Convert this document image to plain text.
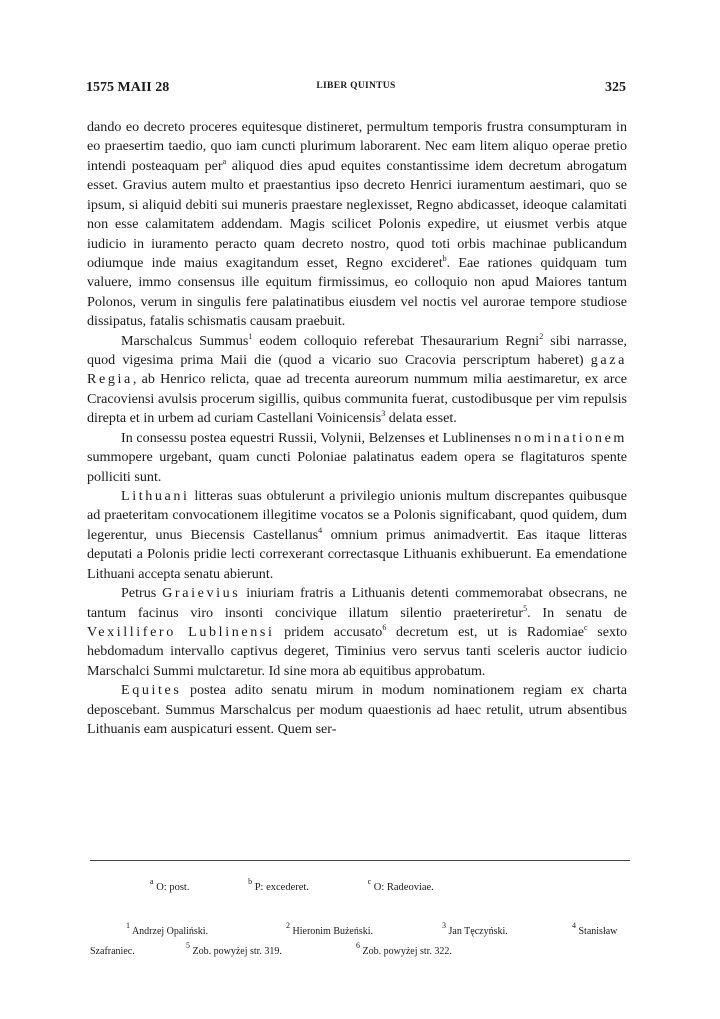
1575 MAII 28	LIBER QUINTUS	325

dando eo decreto proceres equitesque distineret, permultum temporis frustra consumpturam in eo praesertim taedio, quo iam cuncti plurimum laborarent. Nec eam litem aliquo operae pretio intendi posteaquam per$^a$ aliquod dies apud equites constantissime idem decretum abrogatum esset. Gravius autem multo et praestantius ipso decreto Henrici iuramentum aestimari, quo se ipsum, si aliquid debiti sui muneris praestare neglexisset, Regno abdicasset, ideoque calamitati non esse calamitatem addendam. Magis scilicet Polonis expedire, ut eiusmet verbis atque iudicio in iuramento peracto quam decreto nostro, quod toti orbis machinae publicandum odiumque inde maius exagitandum esset, Regno excideret$^b$. Eae rationes quidquam tum valuere, immo consensus ille equitum firmissimus, eo colloquio non apud Maiores tantum Polonos, verum in singulis fere palatinatibus eiusdem vel noctis vel aurorae tempore studiose dissipatus, fatalis schismatis causam praebuit.

Marschalcus Summus$^1$ eodem colloquio referebat Thesaurarium Regni$^2$ sibi narrasse, quod vigesima prima Maii die (quod a vicario suo Cracovia perscriptum haberet) gaza Regia, ab Henrico relicta, quae ad trecenta aureorum nummum milia aestimaretur, ex arce Cracoviensi avulsis procerum sigillis, quibus communita fuerat, custodibusque per vim repulsis direpta et in urbem ad curiam Castellani Voinicensis$^3$ delata esset.

In consessu postea equestri Russii, Volynii, Belzenses et Lublinenses nominationem summopere urgebant, quam cuncti Poloniae palatinatus eadem opera se flagitaturos spente polliciti sunt.

Lithuani litteras suas obtulerunt a privilegio unionis multum discrepantes quibusque ad praeteritam convocationem illegitime vocatos se a Polonis significabant, quod quidem, dum legerentur, unus Biecensis Castellanus$^4$ omnium primus animadvertit. Eas itaque litteras deputati a Polonis pridie lecti correxerant correctasque Lithuanis exhibuerunt. Ea emendatione Lithuani accepta senatu abierunt.

Petrus Graievius iniuriam fratris a Lithuanis detenti commemorabat obsecrans, ne tantum facinus viro insonti concivique illatum silentio praeteriretur$^5$. In senatu de Vexillifero Lublinensi pridem accusato$^6$ decretum est, ut is Radomiae$^c$ sexto hebdomadum intervallo captivus degeret, Timinius vero servus tanti sceleris auctor iudicio Marschalci Summi mulctaretur. Id sine mora ab equitibus approbatum.

Equites postea adito senatu mirum in modum nominationem regiam ex charta deposcebant. Summus Marschalcus per modum quaestionis ad haec retulit, utrum absentibus Lithuanis eam auspicaturi essent. Quem ser-

$^a$ O: post. $^b$ P: excederet. $^c$ O: Radeoviae.
$^1$ Andrzej Opaliński.
$^2$ Hieronim Bużeński.
$^3$ Jan Tęczyński.
$^4$ Stanisław
Szafraniec.
$^5$ Zob. powyżej str. 319.
$^6$ Zob. powyżej str. 322.
